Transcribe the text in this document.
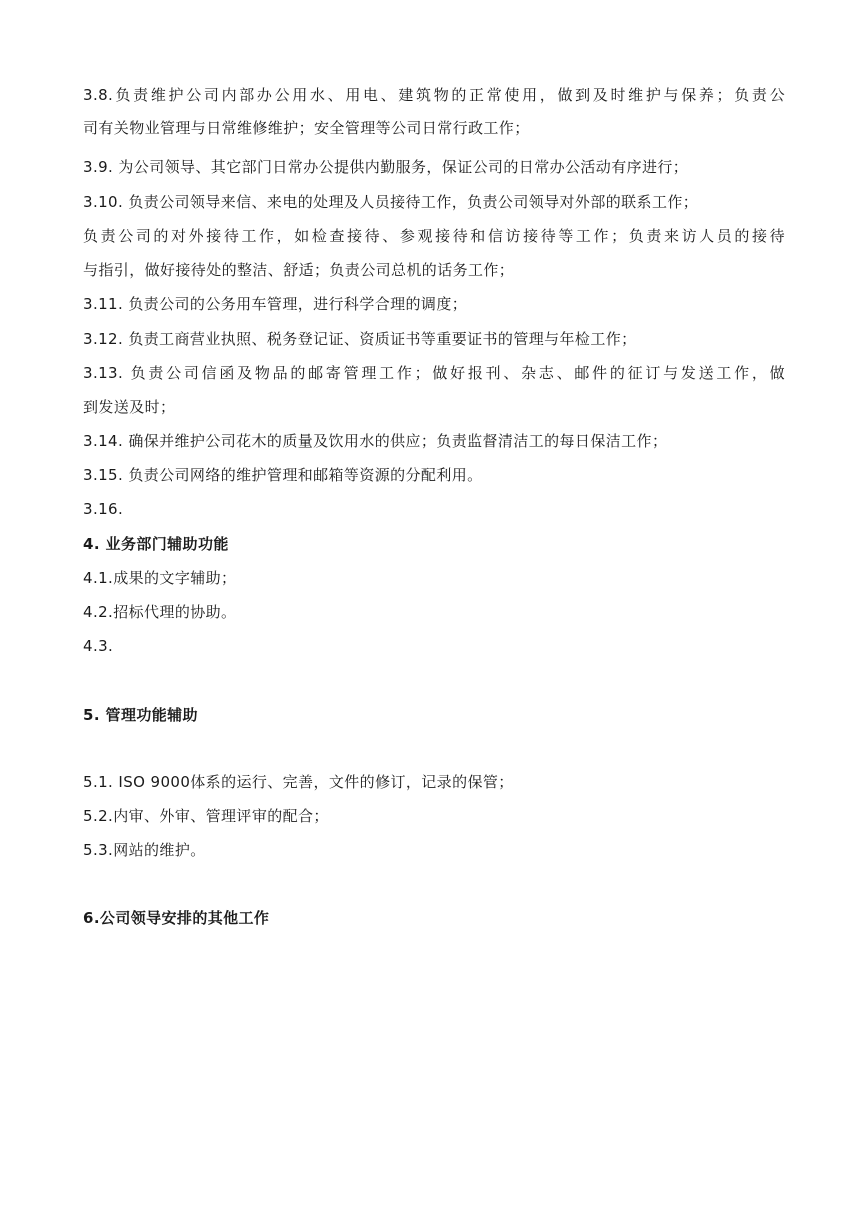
3.8.负责维护公司内部办公用水、用电、建筑物的正常使用，做到及时维护与保养；负责公
司有关物业管理与日常维修维护；安全管理等公司日常行政工作；
3.9. 为公司领导、其它部门日常办公提供内勤服务，保证公司的日常办公活动有序进行；
3.10. 负责公司领导来信、来电的处理及人员接待工作，负责公司领导对外部的联系工作；
负责公司的对外接待工作，如检查接待、参观接待和信访接待等工作；负责来访人员的接待
与指引，做好接待处的整洁、舒适；负责公司总机的话务工作；
3.11. 负责公司的公务用车管理，进行科学合理的调度；
3.12. 负责工商营业执照、税务登记证、资质证书等重要证书的管理与年检工作；
3.13. 负责公司信函及物品的邮寄管理工作；做好报刊、杂志、邮件的征订与发送工作，做
到发送及时；
3.14. 确保并维护公司花木的质量及饮用水的供应；负责监督清洁工的每日保洁工作；
3.15. 负责公司网络的维护管理和邮箱等资源的分配利用。
3.16.
4. 业务部门辅助功能
4.1.成果的文字辅助；
4.2.招标代理的协助。
4.3.
5. 管理功能辅助
5.1. ISO 9000体系的运行、完善，文件的修订，记录的保管；
5.2.内审、外审、管理评审的配合；
5.3.网站的维护。
6.公司领导安排的其他工作
